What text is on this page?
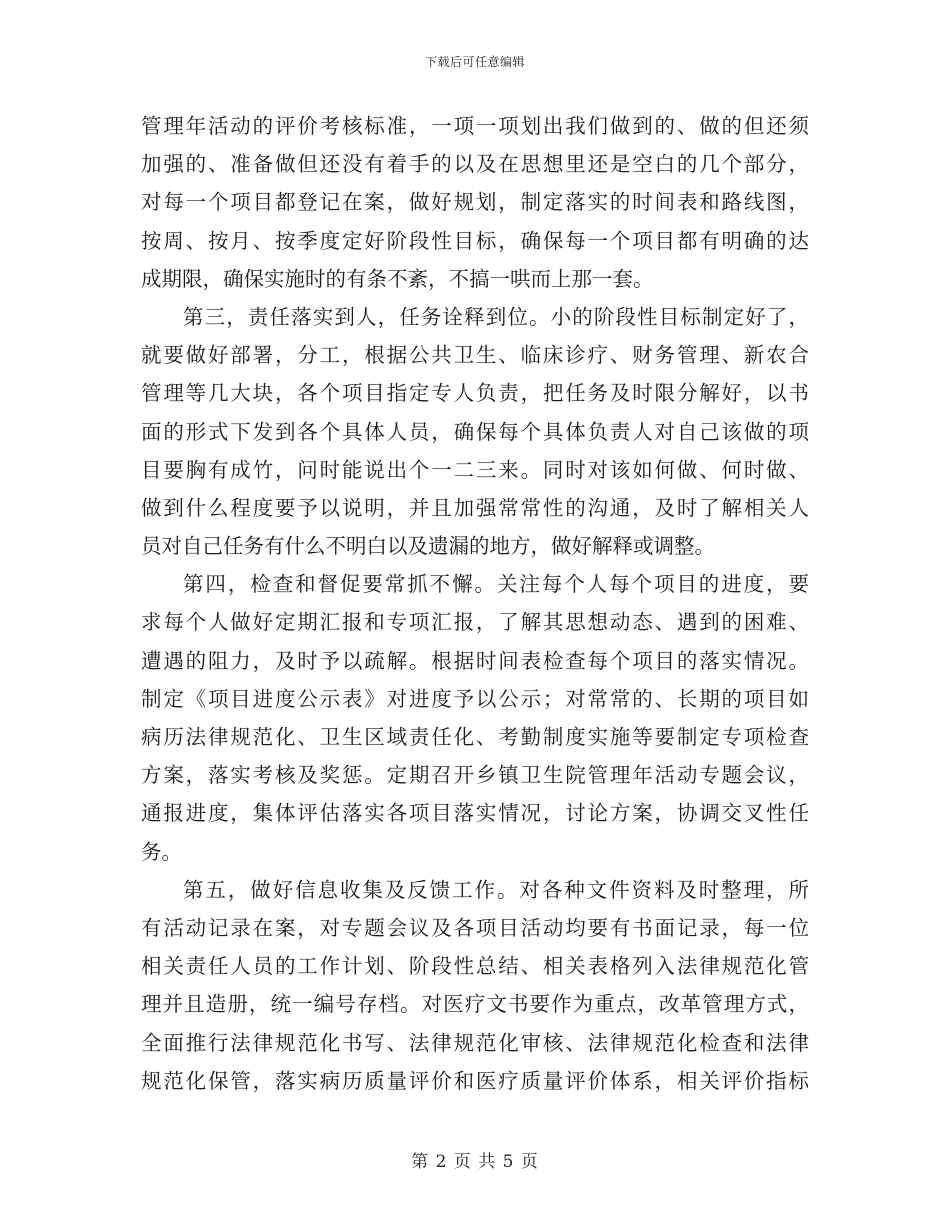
下载后可任意编辑
管理年活动的评价考核标准，一项一项划出我们做到的、做的但还须
加强的、准备做但还没有着手的以及在思想里还是空白的几个部分，
对每一个项目都登记在案，做好规划，制定落实的时间表和路线图，
按周、按月、按季度定好阶段性目标，确保每一个项目都有明确的达
成期限，确保实施时的有条不紊，不搞一哄而上那一套。
第三，责任落实到人，任务诠释到位。小的阶段性目标制定好了，
就要做好部署，分工，根据公共卫生、临床诊疗、财务管理、新农合
管理等几大块，各个项目指定专人负责，把任务及时限分解好，以书
面的形式下发到各个具体人员，确保每个具体负责人对自己该做的项
目要胸有成竹，问时能说出个一二三来。同时对该如何做、何时做、
做到什么程度要予以说明，并且加强常常性的沟通，及时了解相关人
员对自己任务有什么不明白以及遗漏的地方，做好解释或调整。
第四，检查和督促要常抓不懈。关注每个人每个项目的进度，要
求每个人做好定期汇报和专项汇报，了解其思想动态、遇到的困难、
遭遇的阻力，及时予以疏解。根据时间表检查每个项目的落实情况。
制定《项目进度公示表》对进度予以公示；对常常的、长期的项目如
病历法律规范化、卫生区域责任化、考勤制度实施等要制定专项检查
方案，落实考核及奖惩。定期召开乡镇卫生院管理年活动专题会议，
通报进度，集体评估落实各项目落实情况，讨论方案，协调交叉性任
务。
第五，做好信息收集及反馈工作。对各种文件资料及时整理，所
有活动记录在案，对专题会议及各项目活动均要有书面记录，每一位
相关责任人员的工作计划、阶段性总结、相关表格列入法律规范化管
理并且造册，统一编号存档。对医疗文书要作为重点，改革管理方式，
全面推行法律规范化书写、法律规范化审核、法律规范化检查和法律
规范化保管，落实病历质量评价和医疗质量评价体系，相关评价指标
第 2 页 共 5 页
